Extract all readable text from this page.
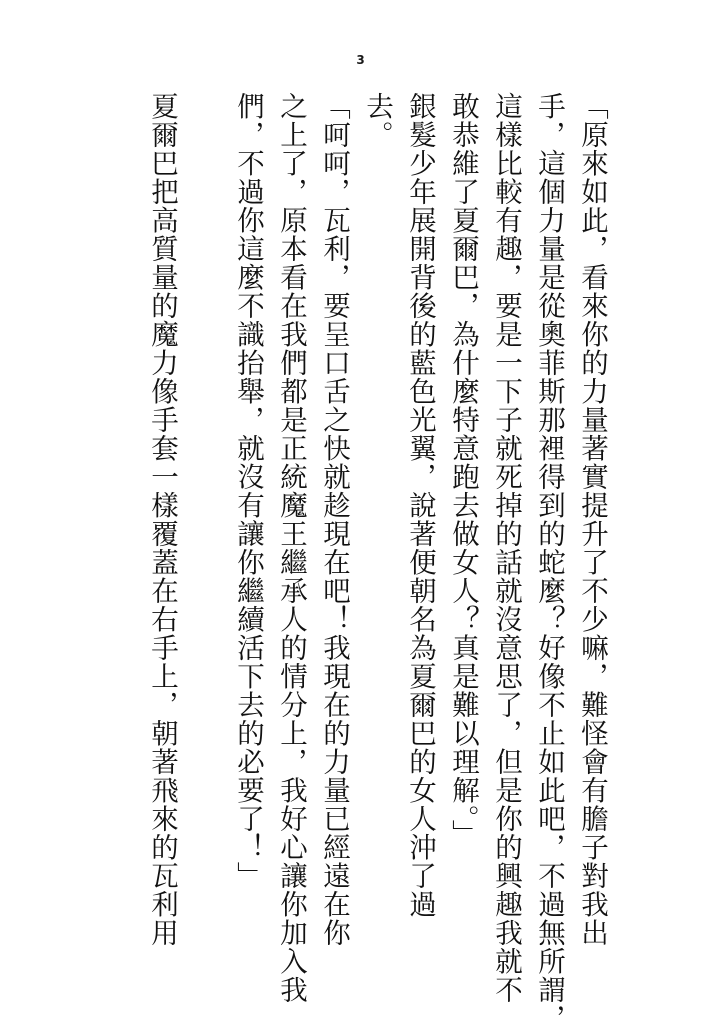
3
「原來如此，看來你的力量著實提升了不少嘛，難怪會有膽子對我出
手，這個力量是從奧菲斯那裡得到的蛇麼？好像不止如此吧，不過無所謂，
這樣比較有趣，要是一下子就死掉的話就沒意思了，但是你的興趣我就不
敢恭維了夏爾巴，為什麼特意跑去做女人？真是難以理解。」
銀髮少年展開背後的藍色光翼，說著便朝名為夏爾巴的女人沖了過
去。
「呵呵，瓦利，要呈口舌之快就趁現在吧！我現在的力量已經遠在你
之上了，原本看在我們都是正統魔王繼承人的情分上，我好心讓你加入我
們，不過你這麼不識抬舉，就沒有讓你繼續活下去的必要了！」
夏爾巴把高質量的魔力像手套一樣覆蓋在右手上，朝著飛來的瓦利用
